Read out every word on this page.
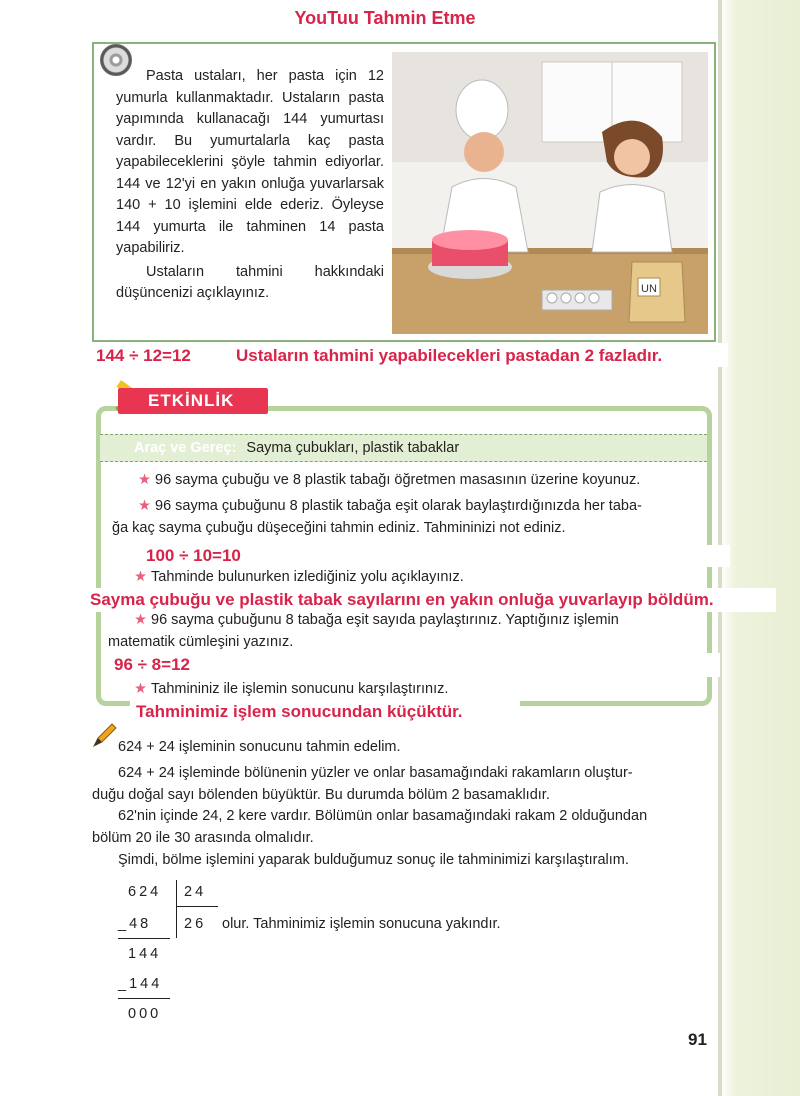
YouTuu Tahmin Etme

Pasta ustaları, her pasta için 12 yumurla kullanmaktadır. Ustaların pasta yapımında kullanacağı 144 yumurtası vardır. Bu yumurtalarla kaç pasta yapabileceklerini şöyle tahmin ediyorlar. 144 ve 12'yi en yakın onluğa yuvarlarsak 140 + 10 işlemini elde ederiz. Öyleyse 144 yumurta ile tahminen 14 pasta yapabiliriz.

Ustaların tahmini hakkındaki düşüncenizi açıklayınız.	UN
144 ÷ 12=12	Ustaların tahmini yapabilecekleri pastadan 2 fazladır.
ETKİNLİK
Araç ve Gereç: Sayma çubukları, plastik tabaklar
★ 96 sayma çubuğu ve 8 plastik tabağı öğretmen masasının üzerine koyunuz.
★ 96 sayma çubuğunu 8 plastik tabağa eşit olarak baylaştırdığınızda her taba-
ğa kaç sayma çubuğu düşeceğini tahmin ediniz. Tahmininizi not ediniz.
100 ÷ 10=10
★ Tahminde bulunurken izlediğiniz yolu açıklayınız.
Sayma çubuğu ve plastik tabak sayılarını en yakın onluğa yuvarlayıp böldüm.
★ 96 sayma çubuğunu 8 tabağa eşit sayıda paylaştırınız. Yaptığınız işlemin
matematik cümleşini yazınız.
96 ÷ 8=12
★ Tahmininiz ile işlemin sonucunu karşılaştırınız.
Tahminimiz işlem sonucundan küçüktür.
624 + 24 işleminin sonucunu tahmin edelim.
624 + 24 işleminde bölünenin yüzler ve onlar basamağındaki rakamların oluştur-
duğu doğal sayı bölenden büyüktür. Bu durumda bölüm 2 basamaklıdır.
62'nin içinde 24, 2 kere vardır. Bölümün onlar basamağındaki rakam 2 olduğundan
bölüm 20 ile 30 arasında olmalıdır.
Şimdi, bölme işlemini yaparak bulduğumuz sonuç ile tahminimizi karşılaştıralım.
624 24
_48 26 olur. Tahminimiz işlemin sonucuna yakındır.
144
_144
000
91
